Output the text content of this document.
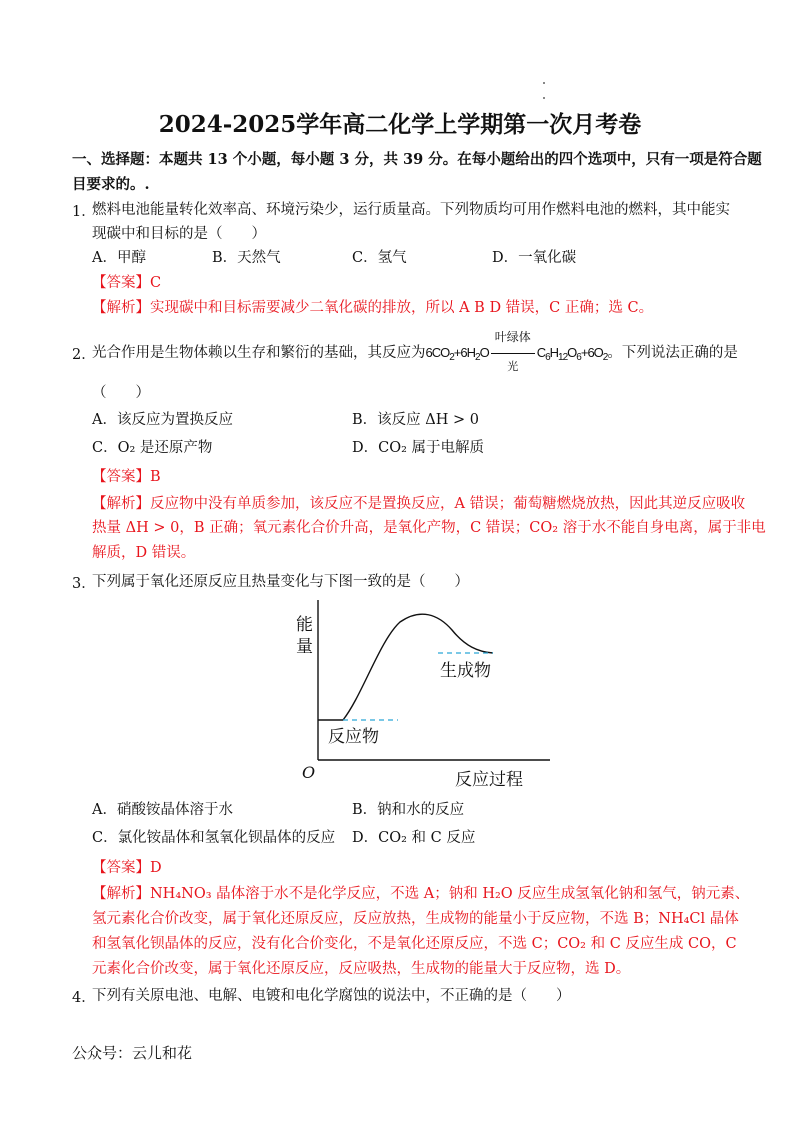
2024-2025学年高二化学上学期第一次月考卷
一、选择题：本题共 13 个小题，每小题 3 分，共 39 分。在每小题给出的四个选项中，只有一项是符合题
目要求的。.
1．
燃料电池能量转化效率高、环境污染少，运行质量高。下列物质均可用作燃料电池的燃料，其中能实
现碳中和目标的是（　　）
A．甲醇	B．天然气	C．氢气	D．一氧化碳
【答案】C
【解析】实现碳中和目标需要减少二氧化碳的排放，所以 A B D 错误，C 正确；选 C。
2．
光合作用是生物体赖以生存和繁衍的基础，其反应为$6CO_2+6H_2O$
叶绿体
光
$C_6H_{12}O_6+6O_2$。下列说法正确的是
（　　）
A．该反应为置换反应	B．该反应 ΔH > 0
C．O₂ 是还原产物	D．CO₂ 属于电解质
【答案】B
【解析】反应物中没有单质参加，该反应不是置换反应，A 错误；葡萄糖燃烧放热，因此其逆反应吸收
热量 ΔH > 0，B 正确；氧元素化合价升高，是氧化产物，C 错误；CO₂ 溶于水不能自身电离，属于非电
解质，D 错误。
3．
下列属于氧化还原反应且热量变化与下图一致的是（　　）
能
量
O	反应过程
生成物
反应物
A．硝酸铵晶体溶于水	B．钠和水的反应
C．氯化铵晶体和氢氧化钡晶体的反应 D．CO₂ 和 C 反应
【答案】D
【解析】NH₄NO₃ 晶体溶于水不是化学反应，不选 A；钠和 H₂O 反应生成氢氧化钠和氢气，钠元素、
氢元素化合价改变，属于氧化还原反应，反应放热，生成物的能量小于反应物，不选 B；NH₄Cl 晶体
和氢氧化钡晶体的反应，没有化合价变化，不是氧化还原反应，不选 C；CO₂ 和 C 反应生成 CO，C
元素化合价改变，属于氧化还原反应，反应吸热，生成物的能量大于反应物，选 D。
4．
下列有关原电池、电解、电镀和电化学腐蚀的说法中，不正确的是（　　）
公众号：云儿和花
